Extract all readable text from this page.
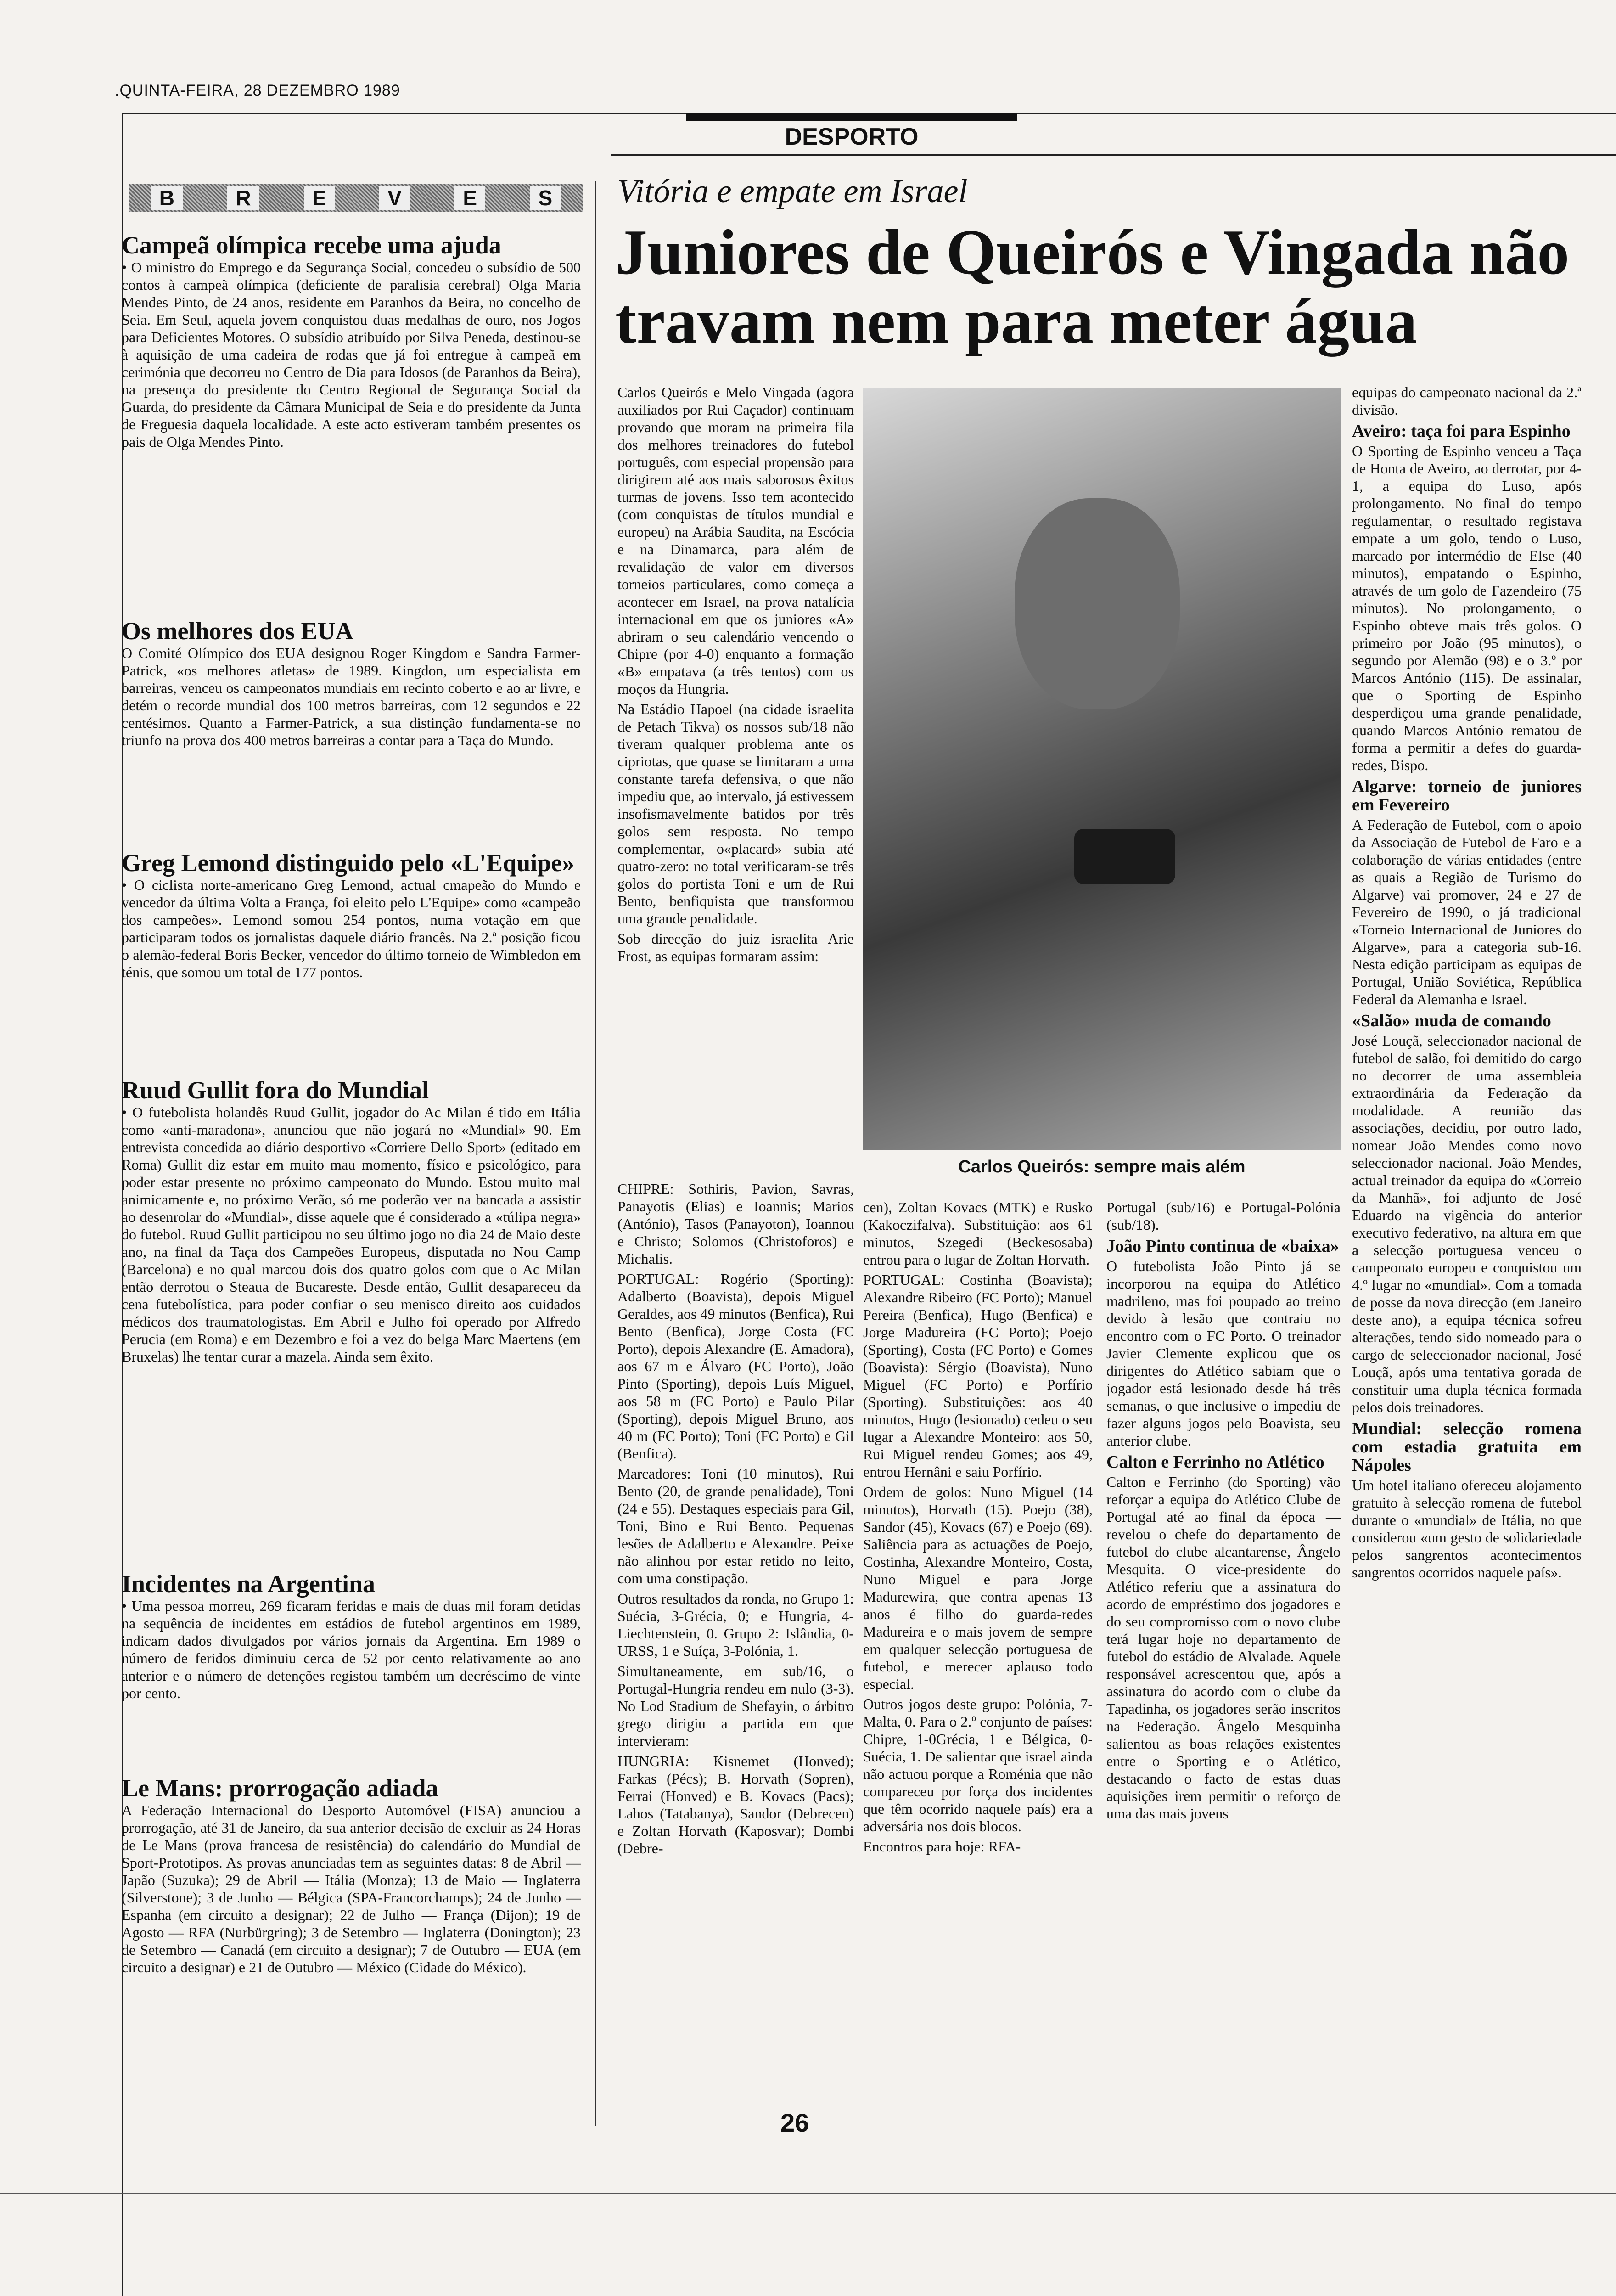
.QUINTA-FEIRA, 28 DEZEMBRO 1989
DESPORTO
B	R	E	V	E	S

Campeã olímpica recebe uma ajuda

• O ministro do Emprego e da Segurança Social, concedeu o subsídio de 500 contos à campeã olímpica (deficiente de paralisia cerebral) Olga Maria Mendes Pinto, de 24 anos, residente em Paranhos da Beira, no concelho de Seia. Em Seul, aquela jovem conquistou duas medalhas de ouro, nos Jogos para Deficientes Motores. O subsídio atribuído por Silva Peneda, destinou-se à aquisição de uma cadeira de rodas que já foi entregue à campeã em cerimónia que decorreu no Centro de Dia para Idosos (de Paranhos da Beira), na presença do presidente do Centro Regional de Segurança Social da Guarda, do presidente da Câmara Municipal de Seia e do presidente da Junta de Freguesia daquela localidade. A este acto estiveram também presentes os pais de Olga Mendes Pinto.

Os melhores dos EUA

O Comité Olímpico dos EUA designou Roger Kingdom e Sandra Farmer-Patrick, «os melhores atletas» de 1989. Kingdon, um especialista em barreiras, venceu os campeonatos mundiais em recinto coberto e ao ar livre, e detém o recorde mundial dos 100 metros barreiras, com 12 segundos e 22 centésimos. Quanto a Farmer-Patrick, a sua distinção fundamenta-se no triunfo na prova dos 400 metros barreiras a contar para a Taça do Mundo.

Greg Lemond distinguido pelo «L'Equipe»

• O ciclista norte-americano Greg Lemond, actual cmapeão do Mundo e vencedor da última Volta a França, foi eleito pelo L'Equipe» como «campeão dos campeões». Lemond somou 254 pontos, numa votação em que participaram todos os jornalistas daquele diário francês. Na 2.ª posição ficou o alemão-federal Boris Becker, vencedor do último torneio de Wimbledon em ténis, que somou um total de 177 pontos.

Ruud Gullit fora do Mundial

• O futebolista holandês Ruud Gullit, jogador do Ac Milan é tido em Itália como «anti-maradona», anunciou que não jogará no «Mundial» 90. Em entrevista concedida ao diário desportivo «Corriere Dello Sport» (editado em Roma) Gullit diz estar em muito mau momento, físico e psicológico, para poder estar presente no próximo campeonato do Mundo. Estou muito mal animicamente e, no próximo Verão, só me poderão ver na bancada a assistir ao desenrolar do «Mundial», disse aquele que é considerado a «túlipa negra» do futebol. Ruud Gullit participou no seu último jogo no dia 24 de Maio deste ano, na final da Taça dos Campeões Europeus, disputada no Nou Camp (Barcelona) e no qual marcou dois dos quatro golos com que o Ac Milan então derrotou o Steaua de Bucareste. Desde então, Gullit desapareceu da cena futebolística, para poder confiar o seu menisco direito aos cuidados médicos dos traumatologistas. Em Abril e Julho foi operado por Alfredo Perucia (em Roma) e em Dezembro e foi a vez do belga Marc Maertens (em Bruxelas) lhe tentar curar a mazela. Ainda sem êxito.

Incidentes na Argentina

• Uma pessoa morreu, 269 ficaram feridas e mais de duas mil foram detidas na sequência de incidentes em estádios de futebol argentinos em 1989, indicam dados divulgados por vários jornais da Argentina. Em 1989 o número de feridos diminuiu cerca de 52 por cento relativamente ao ano anterior e o número de detenções registou também um decréscimo de vinte por cento.

Le Mans: prorrogação adiada

A Federação Internacional do Desporto Automóvel (FISA) anunciou a prorrogação, até 31 de Janeiro, da sua anterior decisão de excluir as 24 Horas de Le Mans (prova francesa de resistência) do calendário do Mundial de Sport-Prototipos. As provas anunciadas tem as seguintes datas: 8 de Abril — Japão (Suzuka); 29 de Abril — Itália (Monza); 13 de Maio — Inglaterra (Silverstone); 3 de Junho — Bélgica (SPA-Francorchamps); 24 de Junho — Espanha (em circuito a designar); 22 de Julho — França (Dijon); 19 de Agosto — RFA (Nurbürgring); 3 de Setembro — Inglaterra (Donington); 23 de Setembro — Canadá (em circuito a designar); 7 de Outubro — EUA (em circuito a designar) e 21 de Outubro — México (Cidade do México).

Vitória e empate em Israel
Juniores de Queirós e Vingada não travam nem para meter água

Carlos Queirós e Melo Vingada (agora auxiliados por Rui Caçador) continuam provando que moram na primeira fila dos melhores treinadores do futebol português, com especial propensão para dirigirem até aos mais saborosos êxitos turmas de jovens. Isso tem acontecido (com conquistas de títulos mundial e europeu) na Arábia Saudita, na Escócia e na Dinamarca, para além de revalidação de valor em diversos torneios particulares, como começa a acontecer em Israel, na prova natalícia internacional em que os juniores «A» abriram o seu calendário vencendo o Chipre (por 4-0) enquanto a formação «B» empatava (a três tentos) com os moços da Hungria.

Na Estádio Hapoel (na cidade israelita de Petach Tikva) os nossos sub/18 não tiveram qualquer problema ante os cipriotas, que quase se limitaram a uma constante tarefa defensiva, o que não impediu que, ao intervalo, já estivessem insofismavelmente batidos por três golos sem resposta. No tempo complementar, o«placard» subia até quatro-zero: no total verificaram-se três golos do portista Toni e um de Rui Bento, benfiquista que transformou uma grande penalidade.

Sob direcção do juiz israelita Arie Frost, as equipas formaram assim:

Carlos Queirós: sempre mais além

CHIPRE: Sothiris, Pavion, Savras, Panayotis (Elias) e Ioannis; Marios (António), Tasos (Panayoton), Ioannou e Christo; Solomos (Christoforos) e Michalis.

PORTUGAL: Rogério (Sporting): Adalberto (Boavista), depois Miguel Geraldes, aos 49 minutos (Benfica), Rui Bento (Benfica), Jorge Costa (FC Porto), depois Alexandre (E. Amadora), aos 67 m e Álvaro (FC Porto), João Pinto (Sporting), depois Luís Miguel, aos 58 m (FC Porto) e Paulo Pilar (Sporting), depois Miguel Bruno, aos 40 m (FC Porto); Toni (FC Porto) e Gil (Benfica).

Marcadores: Toni (10 minutos), Rui Bento (20, de grande penalidade), Toni (24 e 55). Destaques especiais para Gil, Toni, Bino e Rui Bento. Pequenas lesões de Adalberto e Alexandre. Peixe não alinhou por estar retido no leito, com uma constipação.

Outros resultados da ronda, no Grupo 1: Suécia, 3-Grécia, 0; e Hungria, 4-Liechtenstein, 0. Grupo 2: Islândia, 0-URSS, 1 e Suíça, 3-Polónia, 1.

Simultaneamente, em sub/16, o Portugal-Hungria rendeu em nulo (3-3). No Lod Stadium de Shefayin, o árbitro grego dirigiu a partida em que intervieram:

HUNGRIA: Kisnemet (Honved); Farkas (Pécs); B. Horvath (Sopren), Ferrai (Honved) e B. Kovacs (Pacs); Lahos (Tatabanya), Sandor (Debrecen) e Zoltan Horvath (Kaposvar); Dombi (Debre-

cen), Zoltan Kovacs (MTK) e Rusko (Kakoczifalva). Substituição: aos 61 minutos, Szegedi (Beckesosaba) entrou para o lugar de Zoltan Horvath.

PORTUGAL: Costinha (Boavista); Alexandre Ribeiro (FC Porto); Manuel Pereira (Benfica), Hugo (Benfica) e Jorge Madureira (FC Porto); Poejo (Sporting), Costa (FC Porto) e Gomes (Boavista): Sérgio (Boavista), Nuno Miguel (FC Porto) e Porfírio (Sporting). Substituições: aos 40 minutos, Hugo (lesionado) cedeu o seu lugar a Alexandre Monteiro: aos 50, Rui Miguel rendeu Gomes; aos 49, entrou Hernâni e saiu Porfírio.

Ordem de golos: Nuno Miguel (14 minutos), Horvath (15). Poejo (38), Sandor (45), Kovacs (67) e Poejo (69). Saliência para as actuações de Poejo, Costinha, Alexandre Monteiro, Costa, Nuno Miguel e para Jorge Madurewira, que contra apenas 13 anos é filho do guarda-redes Madureira e o mais jovem de sempre em qualquer selecção portuguesa de futebol, e merecer aplauso todo especial.

Outros jogos deste grupo: Polónia, 7-Malta, 0. Para o 2.º conjunto de países: Chipre, 1-0Grécia, 1 e Bélgica, 0-Suécia, 1. De salientar que israel ainda não actuou porque a Roménia que não compareceu por força dos incidentes que têm ocorrido naquele país) era a adversária nos dois blocos.

Encontros para hoje: RFA-

Portugal (sub/16) e Portugal-Polónia (sub/18).

João Pinto continua de «baixa»

O futebolista João Pinto já se incorporou na equipa do Atlético madrileno, mas foi poupado ao treino devido à lesão que contraiu no encontro com o FC Porto. O treinador Javier Clemente explicou que os dirigentes do Atlético sabiam que o jogador está lesionado desde há três semanas, o que inclusive o impediu de fazer alguns jogos pelo Boavista, seu anterior clube.

Calton e Ferrinho no Atlético

Calton e Ferrinho (do Sporting) vão reforçar a equipa do Atlético Clube de Portugal até ao final da época — revelou o chefe do departamento de futebol do clube alcantarense, Ângelo Mesquita. O vice-presidente do Atlético referiu que a assinatura do acordo de empréstimo dos jogadores e do seu compromisso com o novo clube terá lugar hoje no departamento de futebol do estádio de Alvalade. Aquele responsável acrescentou que, após a assinatura do acordo com o clube da Tapadinha, os jogadores serão inscritos na Federação. Ângelo Mesquinha salientou as boas relações existentes entre o Sporting e o Atlético, destacando o facto de estas duas aquisições irem permitir o reforço de uma das mais jovens

equipas do campeonato nacional da 2.ª divisão.

Aveiro: taça foi para Espinho

O Sporting de Espinho venceu a Taça de Honta de Aveiro, ao derrotar, por 4-1, a equipa do Luso, após prolongamento. No final do tempo regulamentar, o resultado registava empate a um golo, tendo o Luso, marcado por intermédio de Else (40 minutos), empatando o Espinho, através de um golo de Fazendeiro (75 minutos). No prolongamento, o Espinho obteve mais três golos. O primeiro por João (95 minutos), o segundo por Alemão (98) e o 3.º por Marcos António (115). De assinalar, que o Sporting de Espinho desperdiçou uma grande penalidade, quando Marcos António rematou de forma a permitir a defes do guarda-redes, Bispo.

Algarve: torneio de juniores em Fevereiro

A Federação de Futebol, com o apoio da Associação de Futebol de Faro e a colaboração de várias entidades (entre as quais a Região de Turismo do Algarve) vai promover, 24 e 27 de Fevereiro de 1990, o já tradicional «Torneio Internacional de Juniores do Algarve», para a categoria sub-16. Nesta edição participam as equipas de Portugal, União Soviética, República Federal da Alemanha e Israel.

«Salão» muda de comando

José Louçã, seleccionador nacional de futebol de salão, foi demitido do cargo no decorrer de uma assembleia extraordinária da Federação da modalidade. A reunião das associações, decidiu, por outro lado, nomear João Mendes como novo seleccionador nacional. João Mendes, actual treinador da equipa do «Correio da Manhã», foi adjunto de José Eduardo na vigência do anterior executivo federativo, na altura em que a selecção portuguesa venceu o campeonato europeu e conquistou um 4.º lugar no «mundial». Com a tomada de posse da nova direcção (em Janeiro deste ano), a equipa técnica sofreu alterações, tendo sido nomeado para o cargo de seleccionador nacional, José Louçã, após uma tentativa gorada de constituir uma dupla técnica formada pelos dois treinadores.

Mundial: selecção romena com estadia gratuita em Nápoles

Um hotel italiano ofereceu alojamento gratuito à selecção romena de futebol durante o «mundial» de Itália, no que considerou «um gesto de solidariedade pelos sangrentos acontecimentos sangrentos ocorridos naquele país».

26
